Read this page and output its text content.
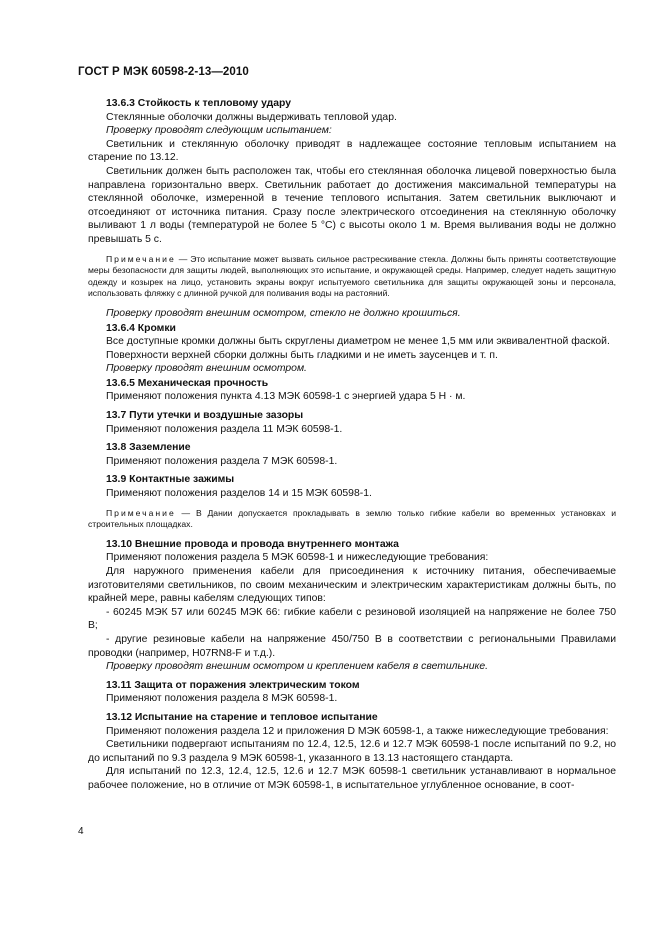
ГОСТ Р МЭК 60598-2-13—2010

13.6.3 Стойкость к тепловому удару

Стеклянные оболочки должны выдерживать тепловой удар.

Проверку проводят следующим испытанием:

Светильник и стеклянную оболочку приводят в надлежащее состояние тепловым испытанием на старение по 13.12.

Светильник должен быть расположен так, чтобы его стеклянная оболочка лицевой поверхностью была направлена горизонтально вверх. Светильник работает до достижения максимальной температуры на стеклянной оболочке, измеренной в течение теплового испытания. Затем светильник выключают и отсоединяют от источника питания. Сразу после электрического отсоединения на стеклянную оболочку выливают 1 л воды (температурой не более 5 °C) с высоты около 1 м. Время выливания воды не должно превышать 5 с.

Примечание — Это испытание может вызвать сильное растрескивание стекла. Должны быть приняты соответствующие меры безопасности для защиты людей, выполняющих это испытание, и окружающей среды. Например, следует надеть защитную одежду и козырек на лицо, установить экраны вокруг испытуемого светильника для защиты окружающей зоны и персонала, использовать фляжку с длинной ручкой для поливания воды на растояний.

Проверку проводят внешним осмотром, стекло не должно крошиться.

13.6.4 Кромки

Все доступные кромки должны быть скруглены диаметром не менее 1,5 мм или эквивалентной фаской.

Поверхности верхней сборки должны быть гладкими и не иметь заусенцев и т. п.

Проверку проводят внешним осмотром.

13.6.5 Механическая прочность

Применяют положения пункта 4.13 МЭК 60598-1 с энергией удара 5 Н · м.

13.7 Пути утечки и воздушные зазоры

Применяют положения раздела 11 МЭК 60598-1.

13.8 Заземление

Применяют положения раздела 7 МЭК 60598-1.

13.9 Контактные зажимы

Применяют положения разделов 14 и 15 МЭК 60598-1.

Примечание — В Дании допускается прокладывать в землю только гибкие кабели во временных установках и строительных площадках.

13.10 Внешние провода и провода внутреннего монтажа

Применяют положения раздела 5 МЭК 60598-1 и нижеследующие требования:

Для наружного применения кабели для присоединения к источнику питания, обеспечиваемые изготовителями светильников, по своим механическим и электрическим характеристикам должны быть, по крайней мере, равны кабелям следующих типов:

- 60245 МЭК 57 или 60245 МЭК 66: гибкие кабели с резиновой изоляцией на напряжение не более 750 В;

- другие резиновые кабели на напряжение 450/750 В в соответствии с региональными Правилами проводки (например, H07RN8-F и т.д.).

Проверку проводят внешним осмотром и креплением кабеля в светильнике.

13.11 Защита от поражения электрическим током

Применяют положения раздела 8 МЭК 60598-1.

13.12 Испытание на старение и тепловое испытание

Применяют положения раздела 12 и приложения D МЭК 60598-1, а также нижеследующие требования:

Светильники подвергают испытаниям по 12.4, 12.5, 12.6 и 12.7 МЭК 60598-1 после испытаний по 9.2, но до испытаний по 9.3 раздела 9 МЭК 60598-1, указанного в 13.13 настоящего стандарта.

Для испытаний по 12.3, 12.4, 12.5, 12.6 и 12.7 МЭК 60598-1 светильник устанавливают в нормальное рабочее положение, но в отличие от МЭК 60598-1, в испытательное углубленное основание, в соот-

4
